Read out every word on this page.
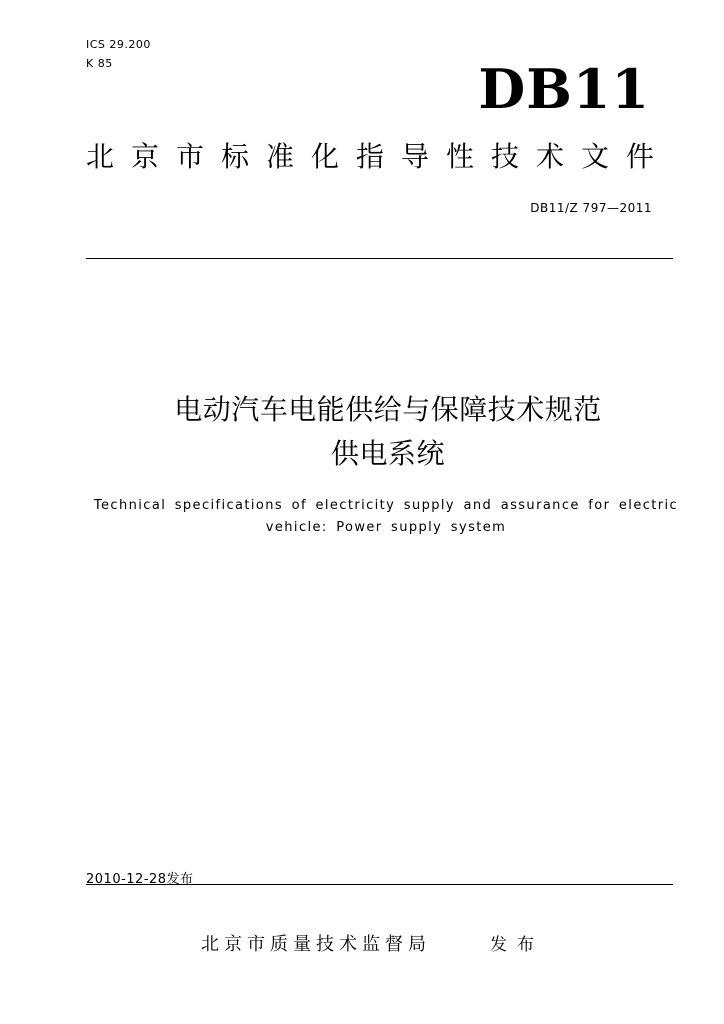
ICS 29.200
K 85	DB11
北京市标准化指导性技术文件
DB11/Z 797—2011
电动汽车电能供给与保障技术规范
供电系统
Technical specifications of electricity supply and assurance for electric vehicle: Power supply system
2010-12-28发布
北京市质量技术监督局	发布
